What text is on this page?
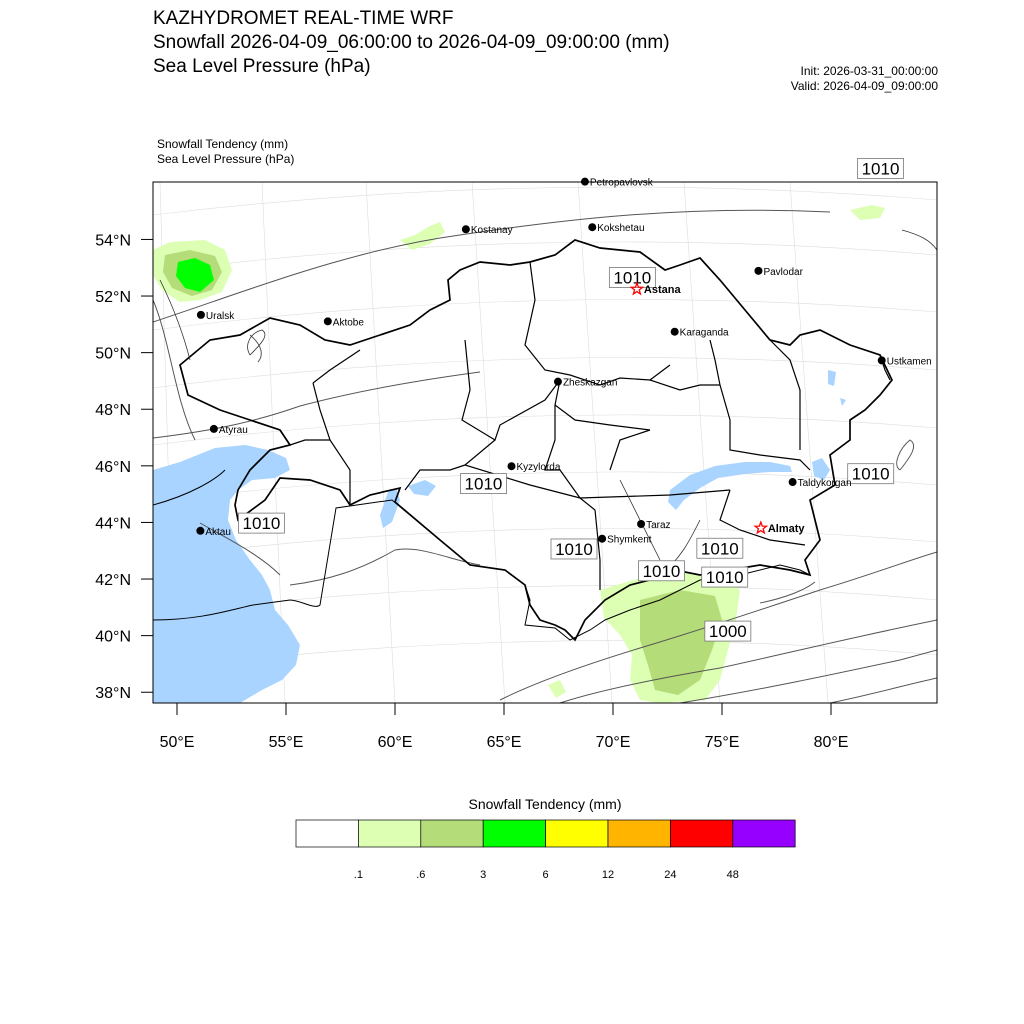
KAZHYDROMET REAL-TIME WRF
Snowfall 2026-04-09_06:00:00 to 2026-04-09_09:00:00 (mm)
Sea Level Pressure (hPa)	Init: 2026-03-31_00:00:00
Valid: 2026-04-09_09:00:00
Snowfall Tendency (mm)
Sea Level Pressure (hPa)
1010
1010
1010
1010
1010
1010	1010
1010 1010
1000
Petropavlovsk
Kostanay	Kokshetau
Uralsk
Pavlodar
Astana
Ustkamen
Aktobe
Karaganda
Atyrau
Zheskazgan
Taldykorgan
Aktau
Kyzylorda
Almaty
Taraz
Shymkent
54°N
52°N
50°N
48°N
46°N
44°N
42°N
40°N
38°N
50°E	55°E	60°E	65°E	70°E	75°E	80°E
.1	.6	3	6	12	24	48
Snowfall Tendency (mm)
